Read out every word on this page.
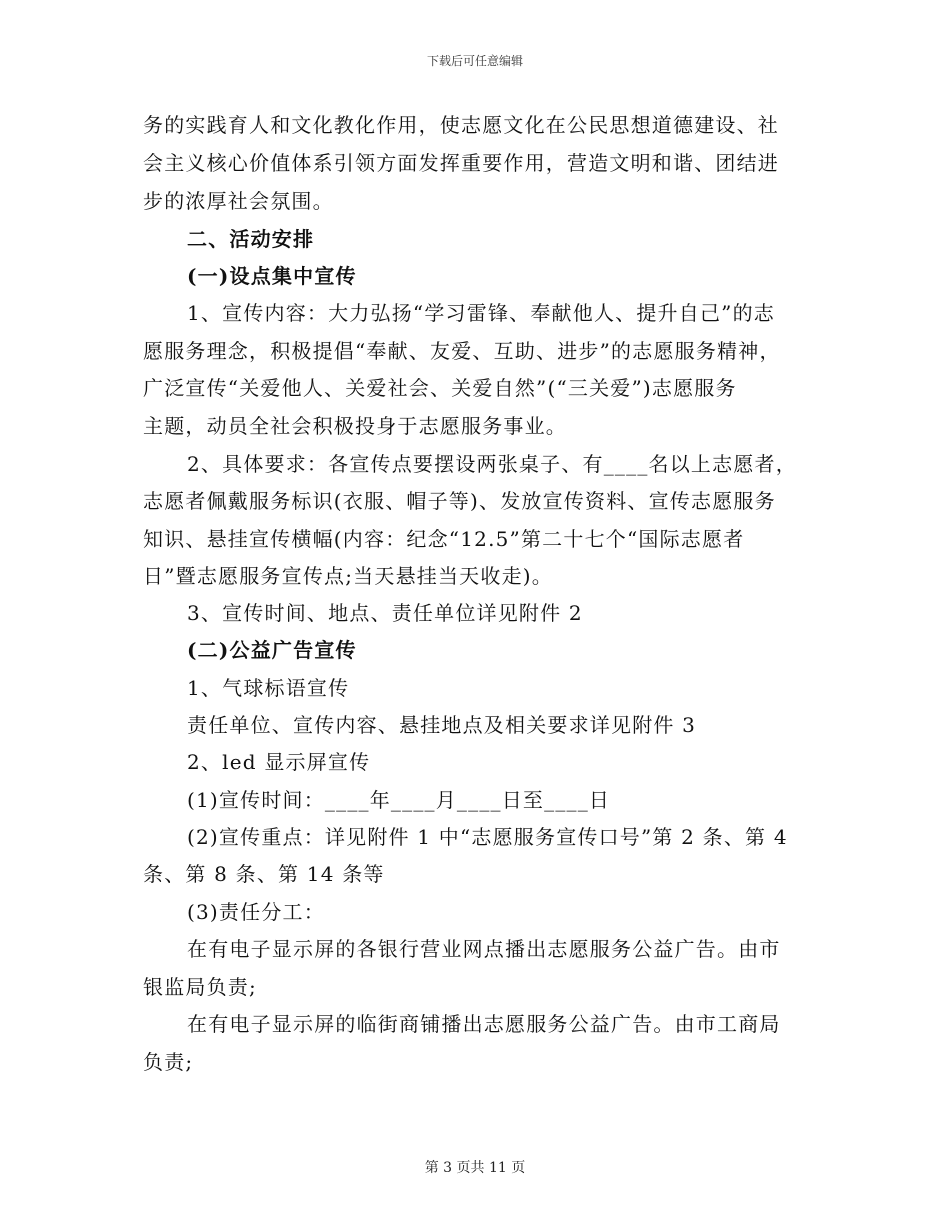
下载后可任意编辑
务的实践育人和文化教化作用，使志愿文化在公民思想道德建设、社
会主义核心价值体系引领方面发挥重要作用，营造文明和谐、团结进
步的浓厚社会氛围。
二、活动安排
(一)设点集中宣传
1、宣传内容：大力弘扬“学习雷锋、奉献他人、提升自己”的志
愿服务理念，积极提倡“奉献、友爱、互助、进步”的志愿服务精神，
广泛宣传“关爱他人、关爱社会、关爱自然”(“三关爱”)志愿服务
主题，动员全社会积极投身于志愿服务事业。
2、具体要求：各宣传点要摆设两张桌子、有____名以上志愿者，
志愿者佩戴服务标识(衣服、帽子等)、发放宣传资料、宣传志愿服务
知识、悬挂宣传横幅(内容：纪念“12.5”第二十七个“国际志愿者
日”暨志愿服务宣传点;当天悬挂当天收走)。
3、宣传时间、地点、责任单位详见附件 2
(二)公益广告宣传
1、气球标语宣传
责任单位、宣传内容、悬挂地点及相关要求详见附件 3
2、led 显示屏宣传
(1)宣传时间：____年____月____日至____日
(2)宣传重点：详见附件 1 中“志愿服务宣传口号”第 2 条、第 4
条、第 8 条、第 14 条等
(3)责任分工：
在有电子显示屏的各银行营业网点播出志愿服务公益广告。由市
银监局负责;
在有电子显示屏的临街商铺播出志愿服务公益广告。由市工商局
负责;
第 3 页共 11 页
